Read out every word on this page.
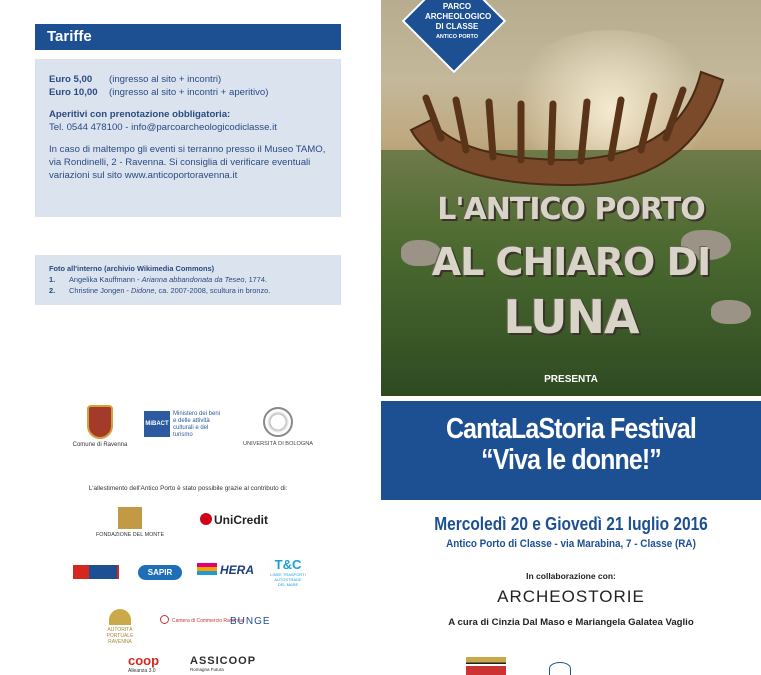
Tariffe
Euro 5,00	(ingresso al sito + incontri)
Euro 10,00	(ingresso al sito + incontri + aperitivo)
Aperitivi con prenotazione obbligatoria:
Tel. 0544 478100 - info@parcoarcheologicodiclasse.it
In caso di maltempo gli eventi si terranno presso il Museo TAMO, via Rondinelli, 2 - Ravenna. Si consiglia di verificare eventuali variazioni sul sito www.anticoportoravenna.it
Foto all'interno (archivio Wikimedia Commons)
1.	Angelika Kauffmann - Arianna abbandonata da Teseo, 1774.
2.	Christine Jongen - Didone, ca. 2007-2008, scultura in bronzo.
Comune di Ravenna
MiBACT
Ministero dei beni e delle attività culturali e del turismo
UNIVERSITÀ DI BOLOGNA
L'allestimento dell'Antico Porto è stato possibile grazie al contributo di:
FONDAZIONE DEL MONTE
UniCredit
SAPIR	HERA	T&C
LINEE TRASPORTI AUTOSTRADE DEL MARE
AUTORITÀ PORTUALE RAVENNA
Camera di Commercio Ravenna
BUNGE
coop
Alleanza 3.0
ASSICOOP
Romagna Futura
PARCO ARCHEOLOGICO DI CLASSE
ANTICO PORTO
L'ANTICO PORTO
AL CHIARO DI
LUNA
PRESENTA
CantaLaStoria Festival
“Viva le donne!”
Mercoledì 20 e Giovedì 21 luglio 2016
Antico Porto di Classe - via Marabina, 7 - Classe (RA)
In collaborazione con:
ARCHEOSTORIE
A cura di Cinzia Dal Maso e Mariangela Galatea Vaglio
